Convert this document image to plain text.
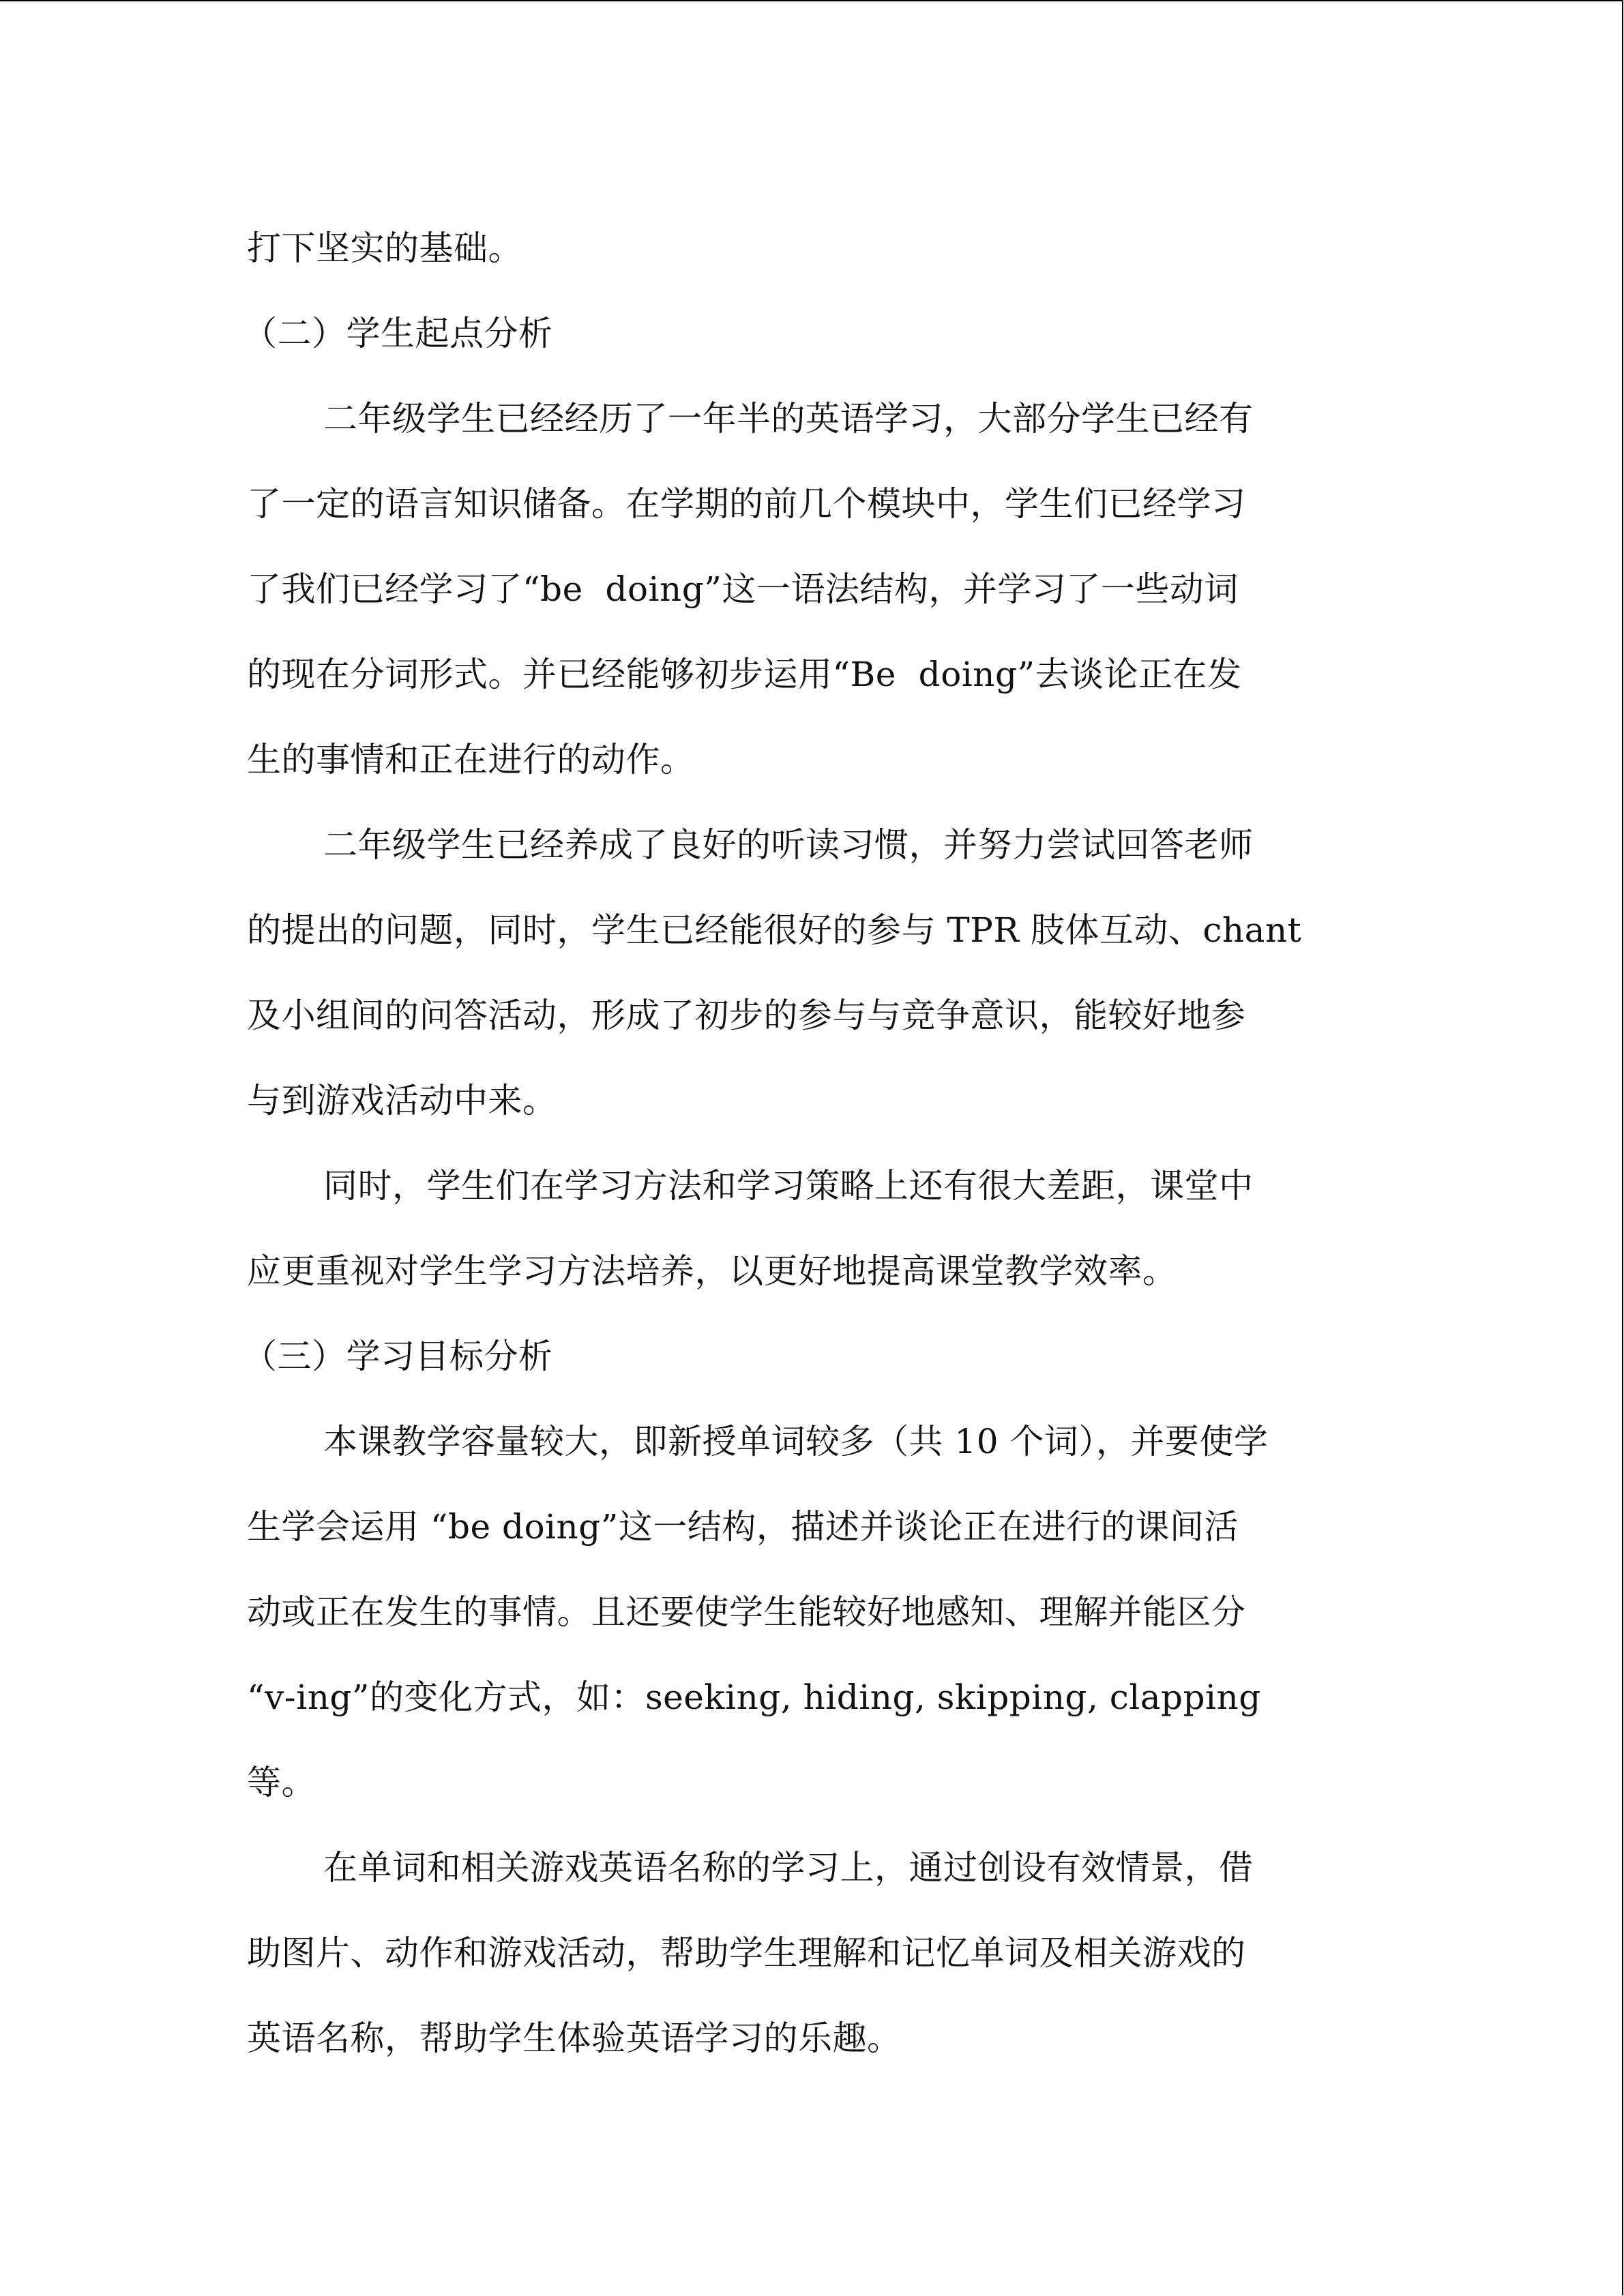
打下坚实的基础。
（二）学生起点分析
二年级学生已经经历了一年半的英语学习，大部分学生已经有
了一定的语言知识储备。在学期的前几个模块中，学生们已经学习
了我们已经学习了“be  doing”这一语法结构，并学习了一些动词
的现在分词形式。并已经能够初步运用“Be  doing”去谈论正在发
生的事情和正在进行的动作。
二年级学生已经养成了良好的听读习惯，并努力尝试回答老师
的提出的问题，同时，学生已经能很好的参与 TPR 肢体互动、chant
及小组间的问答活动，形成了初步的参与与竞争意识，能较好地参
与到游戏活动中来。
同时，学生们在学习方法和学习策略上还有很大差距，课堂中
应更重视对学生学习方法培养，以更好地提高课堂教学效率。
（三）学习目标分析
本课教学容量较大，即新授单词较多（共 10 个词），并要使学
生学会运用 “be doing”这一结构，描述并谈论正在进行的课间活
动或正在发生的事情。且还要使学生能较好地感知、理解并能区分
“v-ing”的变化方式，如：seeking, hiding, skipping, clapping
等。
在单词和相关游戏英语名称的学习上，通过创设有效情景，借
助图片、动作和游戏活动，帮助学生理解和记忆单词及相关游戏的
英语名称，帮助学生体验英语学习的乐趣。
